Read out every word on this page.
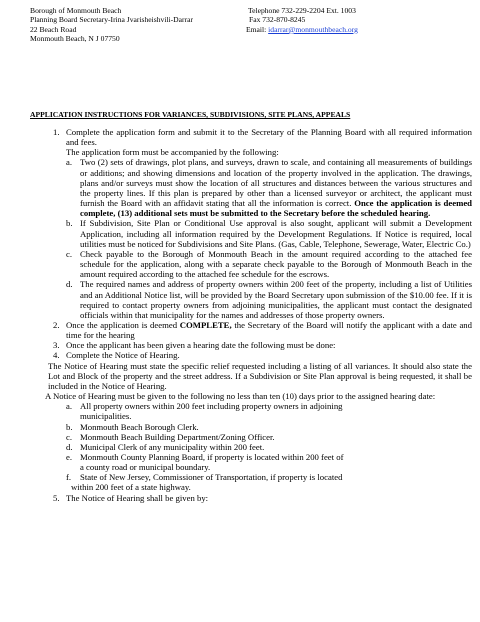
Borough of Monmouth Beach
Planning Board Secretary-Irina Jvarisheishvili-Darrar
22 Beach Road
Monmouth Beach, N J 07750
Telephone 732-229-2204 Ext. 1003
Fax 732-870-8245
Email: idarrar@monmouthbeach.org
APPLICATION INSTRUCTIONS FOR VARIANCES, SUBDIVISIONS, SITE PLANS, APPEALS
1. Complete the application form and submit it to the Secretary of the Planning Board with all required information and fees.
The application form must be accompanied by the following:
a. Two (2) sets of drawings, plot plans, and surveys, drawn to scale, and containing all measurements of buildings or additions; and showing dimensions and location of the property involved in the application. The drawings, plans and/or surveys must show the location of all structures and distances between the various structures and the property lines. If this plan is prepared by other than a licensed surveyor or architect, the applicant must furnish the Board with an affidavit stating that all the information is correct. Once the application is deemed complete, (13) additional sets must be submitted to the Secretary before the scheduled hearing.
b. If Subdivision, Site Plan or Conditional Use approval is also sought, applicant will submit a Development Application, including all information required by the Development Regulations. If Notice is required, local utilities must be noticed for Subdivisions and Site Plans. (Gas, Cable, Telephone, Sewerage, Water, Electric Co.)
c. Check payable to the Borough of Monmouth Beach in the amount required according to the attached fee schedule for the application, along with a separate check payable to the Borough of Monmouth Beach in the amount required according to the attached fee schedule for the escrows.
d. The required names and address of property owners within 200 feet of the property, including a list of Utilities and an Additional Notice list, will be provided by the Board Secretary upon submission of the $10.00 fee. If it is required to contact property owners from adjoining municipalities, the applicant must contact the designated officials within that municipality for the names and addresses of those property owners.
2. Once the application is deemed COMPLETE, the Secretary of the Board will notify the applicant with a date and time for the hearing
3. Once the applicant has been given a hearing date the following must be done:
4. Complete the Notice of Hearing.
The Notice of Hearing must state the specific relief requested including a listing of all variances. It should also state the Lot and Block of the property and the street address. If a Subdivision or Site Plan approval is being requested, it shall be included in the Notice of Hearing.
A Notice of Hearing must be given to the following no less than ten (10) days prior to the assigned hearing date:
a. All property owners within 200 feet including property owners in adjoining
municipalities.
b. Monmouth Beach Borough Clerk.
c. Monmouth Beach Building Department/Zoning Officer.
d. Municipal Clerk of any municipality within 200 feet.
e. Monmouth County Planning Board, if property is located within 200 feet of
a county road or municipal boundary.
f. State of New Jersey, Commissioner of Transportation, if property is located
within 200 feet of a state highway.
5. The Notice of Hearing shall be given by:
